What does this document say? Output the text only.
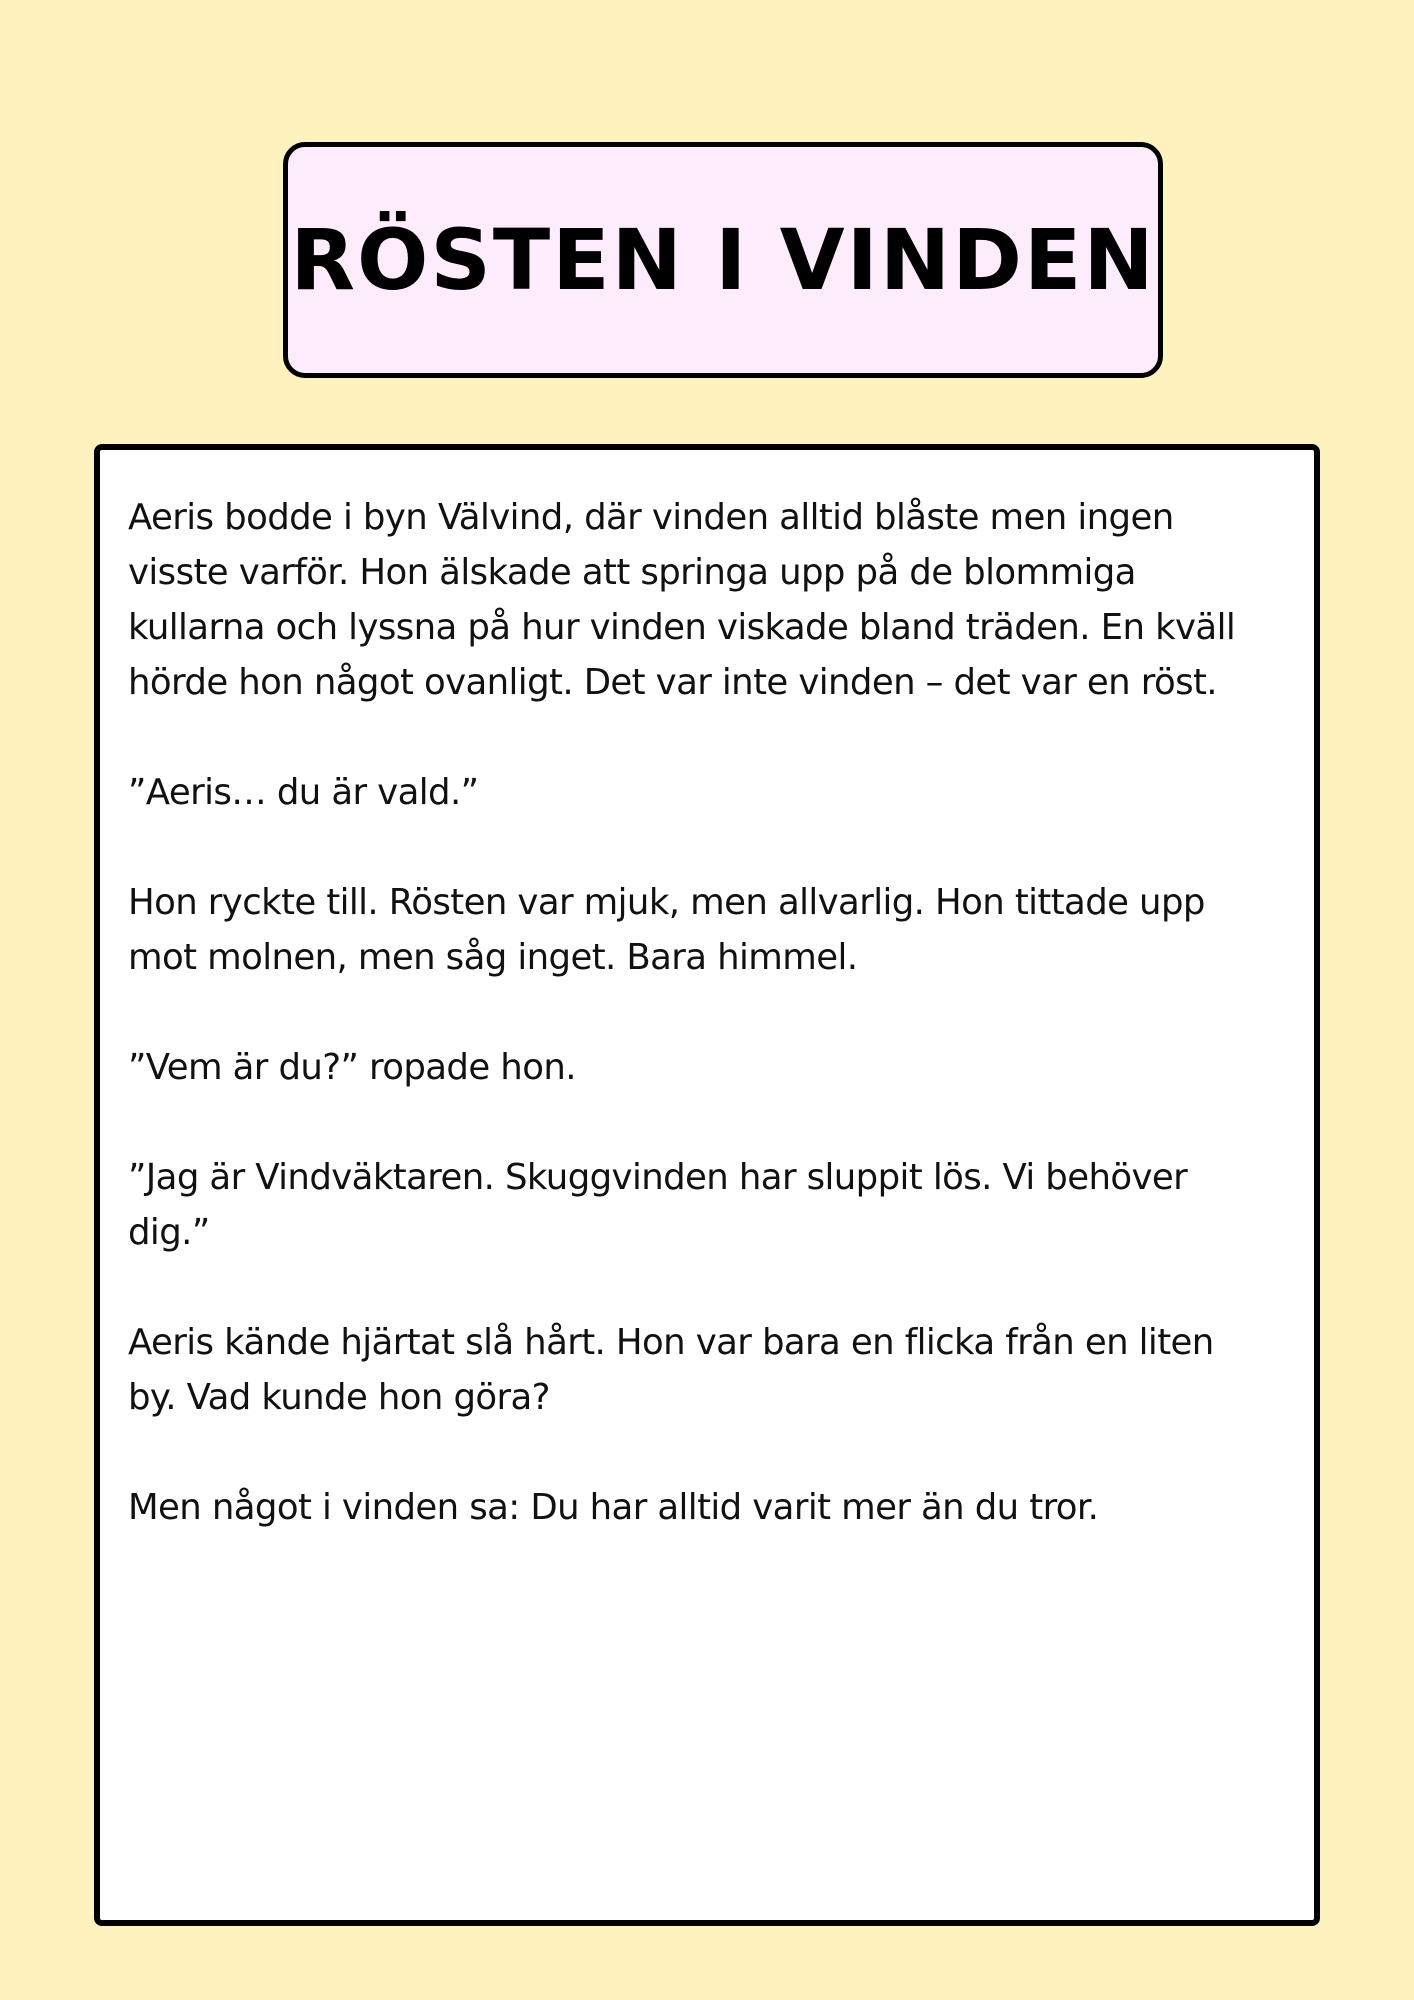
RÖSTEN I VINDEN

Aeris bodde i byn Välvind, där vinden alltid blåste men ingen visste varför. Hon älskade att springa upp på de blommiga kullarna och lyssna på hur vinden viskade bland träden. En kväll hörde hon något ovanligt. Det var inte vinden – det var en röst.

”Aeris… du är vald.”

Hon ryckte till. Rösten var mjuk, men allvarlig. Hon tittade upp mot molnen, men såg inget. Bara himmel.

”Vem är du?” ropade hon.

”Jag är Vindväktaren. Skuggvinden har sluppit lös. Vi behöver dig.”

Aeris kände hjärtat slå hårt. Hon var bara en flicka från en liten by. Vad kunde hon göra?

Men något i vinden sa: Du har alltid varit mer än du tror.
